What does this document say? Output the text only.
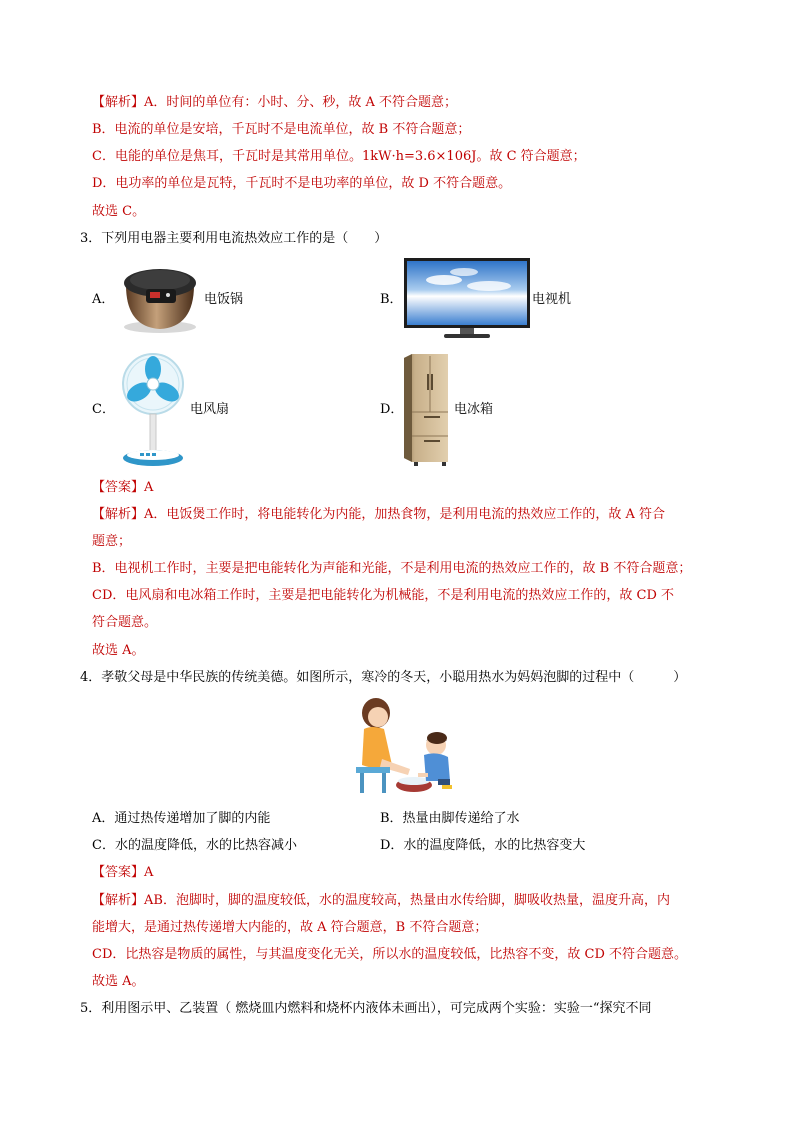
【解析】A．时间的单位有：小时、分、秒，故 A 不符合题意；
B．电流的单位是安培，千瓦时不是电流单位，故 B 不符合题意；
C．电能的单位是焦耳，千瓦时是其常用单位。1kW·h=3.6×106J。故 C 符合题意；
D．电功率的单位是瓦特，千瓦时不是电功率的单位，故 D 不符合题意。
故选 C。
3．下列用电器主要利用电流热效应工作的是（　　）
A．	电饭锅	B．	电视机
C．	电风扇	D．	电冰箱
【答案】A
【解析】A．电饭煲工作时，将电能转化为内能，加热食物，是利用电流的热效应工作的，故 A 符合
题意；
B．电视机工作时，主要是把电能转化为声能和光能，不是利用电流的热效应工作的，故 B 不符合题意；
CD．电风扇和电冰箱工作时，主要是把电能转化为机械能，不是利用电流的热效应工作的，故 CD 不
符合题意。
故选 A。
4．孝敬父母是中华民族的传统美德。如图所示，寒冷的冬天，小聪用热水为妈妈泡脚的过程中（　　　）
A．通过热传递增加了脚的内能	B．热量由脚传递给了水
C．水的温度降低，水的比热容减小	D．水的温度降低，水的比热容变大
【答案】A
【解析】AB．泡脚时，脚的温度较低，水的温度较高，热量由水传给脚，脚吸收热量，温度升高，内
能增大，是通过热传递增大内能的，故 A 符合题意，B 不符合题意；
CD．比热容是物质的属性，与其温度变化无关，所以水的温度较低，比热容不变，故 CD 不符合题意。
故选 A。
5．利用图示甲、乙装置（ 燃烧皿内燃料和烧杯内液体未画出），可完成两个实验：实验一“探究不同
